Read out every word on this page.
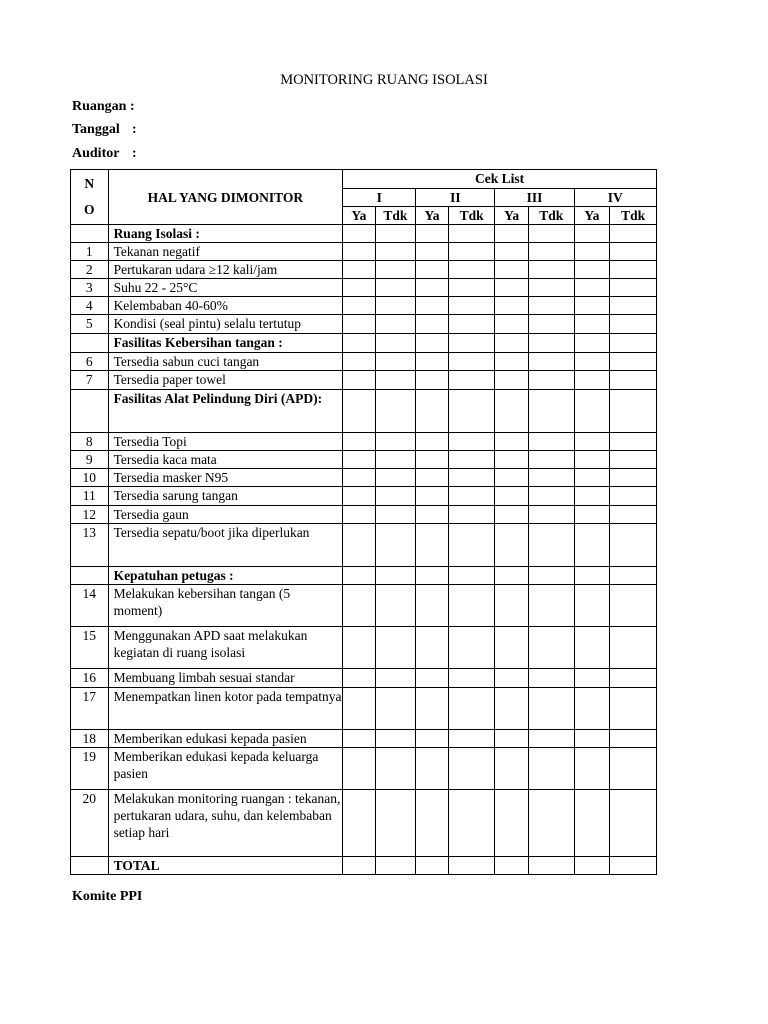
MONITORING RUANG ISOLASI
Ruangan :
Tanggal :
Auditor :
N
O	HAL YANG DIMONITOR	Cek List							
		I		II		III		IV	
		Ya	Tdk	Ya	Tdk	Ya	Tdk	Ya	Tdk
	Ruang Isolasi :								
1	Tekanan negatif								
2	Pertukaran udara ≥12 kali/jam								
3	Suhu 22 - 25°C								
4	Kelembaban 40-60%								
5	Kondisi (seal pintu) selalu tertutup								
	Fasilitas Kebersihan tangan :								
6	Tersedia sabun cuci tangan								
7	Tersedia paper towel								
	Fasilitas Alat Pelindung Diri (APD):								
8	Tersedia Topi								
9	Tersedia kaca mata								
10	Tersedia masker N95								
11	Tersedia sarung tangan								
12	Tersedia gaun								
13	Tersedia sepatu/boot jika diperlukan								
	Kepatuhan petugas :								
14	Melakukan kebersihan tangan (5 moment)								
15	Menggunakan APD saat melakukan kegiatan di ruang isolasi								
16	Membuang limbah sesuai standar								
17	Menempatkan linen kotor pada tempatnya								
18	Memberikan edukasi kepada pasien								
19	Memberikan edukasi kepada keluarga pasien								
20	Melakukan monitoring ruangan : tekanan, pertukaran udara, suhu, dan kelembaban setiap hari								
	TOTAL								
Komite PPI
